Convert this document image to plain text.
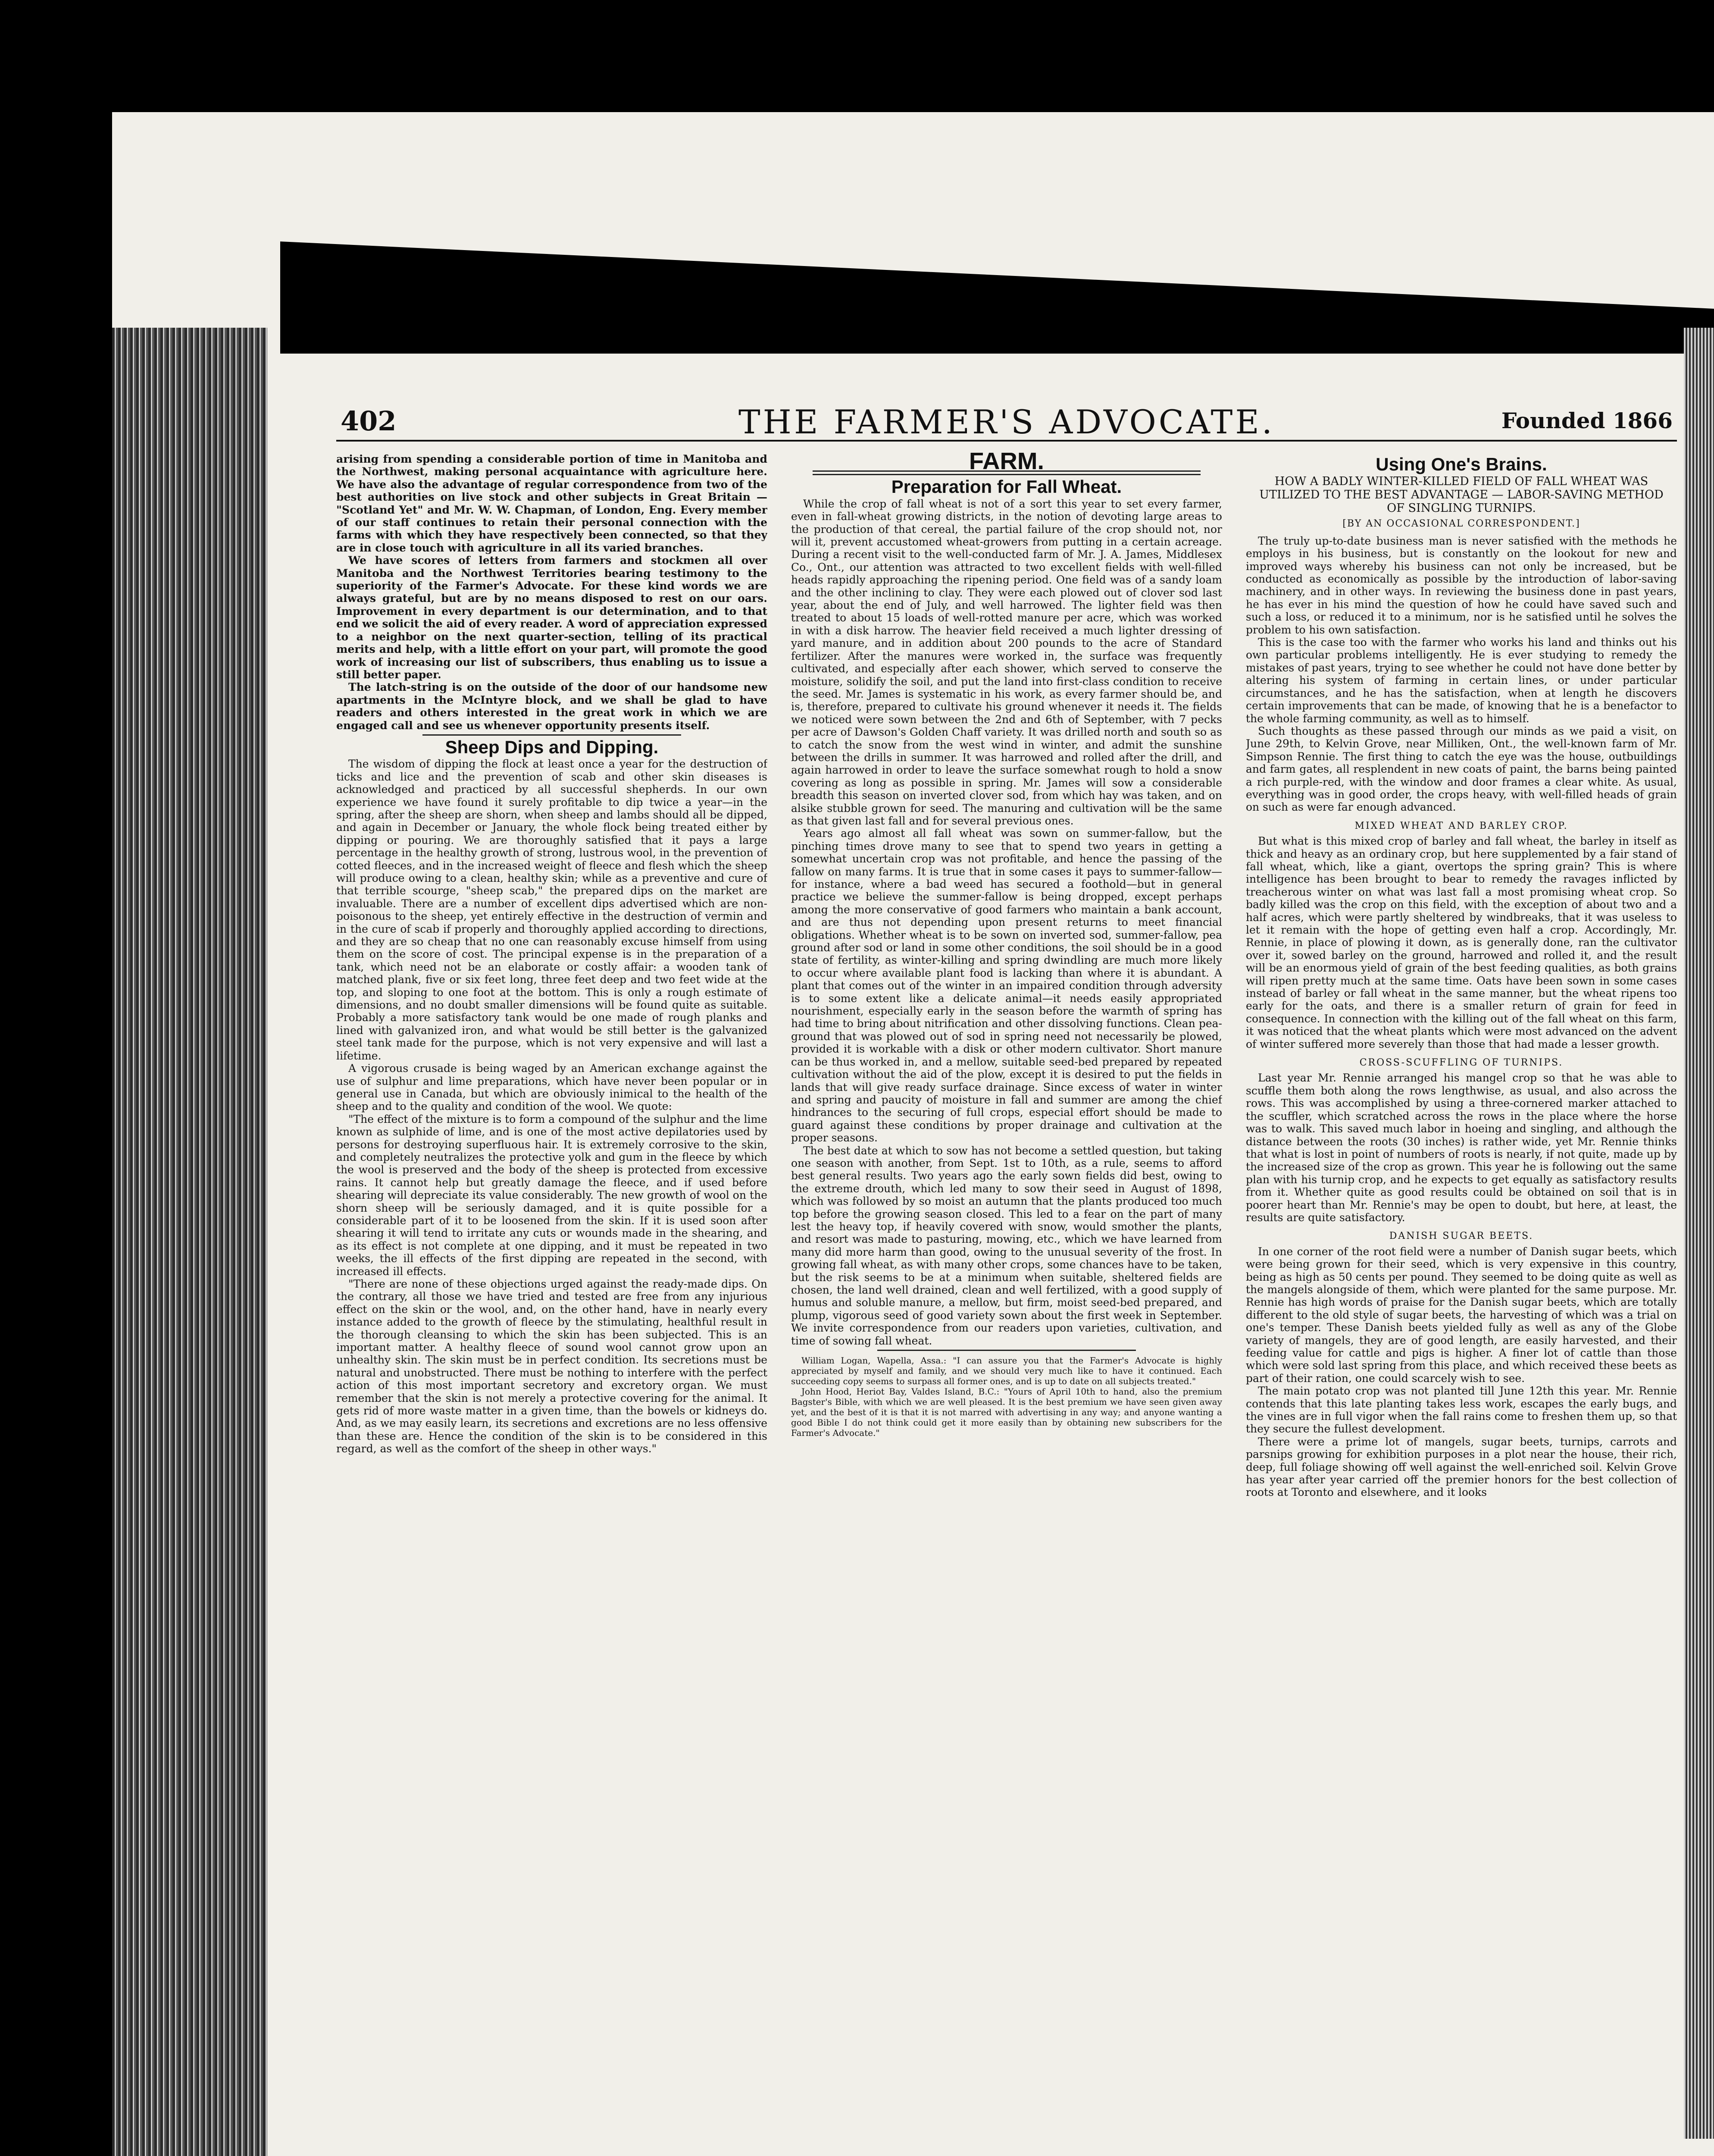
402	THE FARMER'S ADVOCATE.	Founded 1866

arising from spending a considerable portion of time in Manitoba and the Northwest, making personal acquaintance with agriculture here. We have also the advantage of regular correspondence from two of the best authorities on live stock and other subjects in Great Britain — "Scotland Yet" and Mr. W. W. Chapman, of London, Eng. Every member of our staff continues to retain their personal connection with the farms with which they have respectively been connected, so that they are in close touch with agriculture in all its varied branches.

We have scores of letters from farmers and stockmen all over Manitoba and the Northwest Territories bearing testimony to the superiority of the Farmer's Advocate. For these kind words we are always grateful, but are by no means disposed to rest on our oars. Improvement in every department is our determination, and to that end we solicit the aid of every reader. A word of appreciation expressed to a neighbor on the next quarter-section, telling of its practical merits and help, with a little effort on your part, will promote the good work of increasing our list of subscribers, thus enabling us to issue a still better paper.

The latch-string is on the outside of the door of our handsome new apartments in the McIntyre block, and we shall be glad to have readers and others interested in the great work in which we are engaged call and see us whenever opportunity presents itself.

Sheep Dips and Dipping.

The wisdom of dipping the flock at least once a year for the destruction of ticks and lice and the prevention of scab and other skin diseases is acknowledged and practiced by all successful shepherds. In our own experience we have found it surely profitable to dip twice a year—in the spring, after the sheep are shorn, when sheep and lambs should all be dipped, and again in December or January, the whole flock being treated either by dipping or pouring. We are thoroughly satisfied that it pays a large percentage in the healthy growth of strong, lustrous wool, in the prevention of cotted fleeces, and in the increased weight of fleece and flesh which the sheep will produce owing to a clean, healthy skin; while as a preventive and cure of that terrible scourge, "sheep scab," the prepared dips on the market are invaluable. There are a number of excellent dips advertised which are non-poisonous to the sheep, yet entirely effective in the destruction of vermin and in the cure of scab if properly and thoroughly applied according to directions, and they are so cheap that no one can reasonably excuse himself from using them on the score of cost. The principal expense is in the preparation of a tank, which need not be an elaborate or costly affair: a wooden tank of matched plank, five or six feet long, three feet deep and two feet wide at the top, and sloping to one foot at the bottom. This is only a rough estimate of dimensions, and no doubt smaller dimensions will be found quite as suitable. Probably a more satisfactory tank would be one made of rough planks and lined with galvanized iron, and what would be still better is the galvanized steel tank made for the purpose, which is not very expensive and will last a lifetime.

A vigorous crusade is being waged by an American exchange against the use of sulphur and lime preparations, which have never been popular or in general use in Canada, but which are obviously inimical to the health of the sheep and to the quality and condition of the wool. We quote:

"The effect of the mixture is to form a compound of the sulphur and the lime known as sulphide of lime, and is one of the most active depilatories used by persons for destroying superfluous hair. It is extremely corrosive to the skin, and completely neutralizes the protective yolk and gum in the fleece by which the wool is preserved and the body of the sheep is protected from excessive rains. It cannot help but greatly damage the fleece, and if used before shearing will depreciate its value considerably. The new growth of wool on the shorn sheep will be seriously damaged, and it is quite possible for a considerable part of it to be loosened from the skin. If it is used soon after shearing it will tend to irritate any cuts or wounds made in the shearing, and as its effect is not complete at one dipping, and it must be repeated in two weeks, the ill effects of the first dipping are repeated in the second, with increased ill effects.

"There are none of these objections urged against the ready-made dips. On the contrary, all those we have tried and tested are free from any injurious effect on the skin or the wool, and, on the other hand, have in nearly every instance added to the growth of fleece by the stimulating, healthful result in the thorough cleansing to which the skin has been subjected. This is an important matter. A healthy fleece of sound wool cannot grow upon an unhealthy skin. The skin must be in perfect condition. Its secretions must be natural and unobstructed. There must be nothing to interfere with the perfect action of this most important secretory and excretory organ. We must remember that the skin is not merely a protective covering for the animal. It gets rid of more waste matter in a given time, than the bowels or kidneys do. And, as we may easily learn, its secretions and excretions are no less offensive than these are. Hence the condition of the skin is to be considered in this regard, as well as the comfort of the sheep in other ways."

FARM.
Preparation for Fall Wheat.

While the crop of fall wheat is not of a sort this year to set every farmer, even in fall-wheat growing districts, in the notion of devoting large areas to the production of that cereal, the partial failure of the crop should not, nor will it, prevent accustomed wheat-growers from putting in a certain acreage. During a recent visit to the well-conducted farm of Mr. J. A. James, Middlesex Co., Ont., our attention was attracted to two excellent fields with well-filled heads rapidly approaching the ripening period. One field was of a sandy loam and the other inclining to clay. They were each plowed out of clover sod last year, about the end of July, and well harrowed. The lighter field was then treated to about 15 loads of well-rotted manure per acre, which was worked in with a disk harrow. The heavier field received a much lighter dressing of yard manure, and in addition about 200 pounds to the acre of Standard fertilizer. After the manures were worked in, the surface was frequently cultivated, and especially after each shower, which served to conserve the moisture, solidify the soil, and put the land into first-class condition to receive the seed. Mr. James is systematic in his work, as every farmer should be, and is, therefore, prepared to cultivate his ground whenever it needs it. The fields we noticed were sown between the 2nd and 6th of September, with 7 pecks per acre of Dawson's Golden Chaff variety. It was drilled north and south so as to catch the snow from the west wind in winter, and admit the sunshine between the drills in summer. It was harrowed and rolled after the drill, and again harrowed in order to leave the surface somewhat rough to hold a snow covering as long as possible in spring. Mr. James will sow a considerable breadth this season on inverted clover sod, from which hay was taken, and on alsike stubble grown for seed. The manuring and cultivation will be the same as that given last fall and for several previous ones.

Years ago almost all fall wheat was sown on summer-fallow, but the pinching times drove many to see that to spend two years in getting a somewhat uncertain crop was not profitable, and hence the passing of the fallow on many farms. It is true that in some cases it pays to summer-fallow—for instance, where a bad weed has secured a foothold—but in general practice we believe the summer-fallow is being dropped, except perhaps among the more conservative of good farmers who maintain a bank account, and are thus not depending upon present returns to meet financial obligations. Whether wheat is to be sown on inverted sod, summer-fallow, pea ground after sod or land in some other conditions, the soil should be in a good state of fertility, as winter-killing and spring dwindling are much more likely to occur where available plant food is lacking than where it is abundant. A plant that comes out of the winter in an impaired condition through adversity is to some extent like a delicate animal—it needs easily appropriated nourishment, especially early in the season before the warmth of spring has had time to bring about nitrification and other dissolving functions. Clean pea-ground that was plowed out of sod in spring need not necessarily be plowed, provided it is workable with a disk or other modern cultivator. Short manure can be thus worked in, and a mellow, suitable seed-bed prepared by repeated cultivation without the aid of the plow, except it is desired to put the fields in lands that will give ready surface drainage. Since excess of water in winter and spring and paucity of moisture in fall and summer are among the chief hindrances to the securing of full crops, especial effort should be made to guard against these conditions by proper drainage and cultivation at the proper seasons.

The best date at which to sow has not become a settled question, but taking one season with another, from Sept. 1st to 10th, as a rule, seems to afford best general results. Two years ago the early sown fields did best, owing to the extreme drouth, which led many to sow their seed in August of 1898, which was followed by so moist an autumn that the plants produced too much top before the growing season closed. This led to a fear on the part of many lest the heavy top, if heavily covered with snow, would smother the plants, and resort was made to pasturing, mowing, etc., which we have learned from many did more harm than good, owing to the unusual severity of the frost. In growing fall wheat, as with many other crops, some chances have to be taken, but the risk seems to be at a minimum when suitable, sheltered fields are chosen, the land well drained, clean and well fertilized, with a good supply of humus and soluble manure, a mellow, but firm, moist seed-bed prepared, and plump, vigorous seed of good variety sown about the first week in September. We invite correspondence from our readers upon varieties, cultivation, and time of sowing fall wheat.

William Logan, Wapella, Assa.: "I can assure you that the Farmer's Advocate is highly appreciated by myself and family, and we should very much like to have it continued. Each succeeding copy seems to surpass all former ones, and is up to date on all subjects treated."

John Hood, Heriot Bay, Valdes Island, B.C.: "Yours of April 10th to hand, also the premium Bagster's Bible, with which we are well pleased. It is the best premium we have seen given away yet, and the best of it is that it is not marred with advertising in any way; and anyone wanting a good Bible I do not think could get it more easily than by obtaining new subscribers for the Farmer's Advocate."

Using One's Brains.
HOW A BADLY WINTER-KILLED FIELD OF FALL WHEAT WAS UTILIZED TO THE BEST ADVANTAGE — LABOR-SAVING METHOD OF SINGLING TURNIPS.
[BY AN OCCASIONAL CORRESPONDENT.]

The truly up-to-date business man is never satisfied with the methods he employs in his business, but is constantly on the lookout for new and improved ways whereby his business can not only be increased, but be conducted as economically as possible by the introduction of labor-saving machinery, and in other ways. In reviewing the business done in past years, he has ever in his mind the question of how he could have saved such and such a loss, or reduced it to a minimum, nor is he satisfied until he solves the problem to his own satisfaction.

This is the case too with the farmer who works his land and thinks out his own particular problems intelligently. He is ever studying to remedy the mistakes of past years, trying to see whether he could not have done better by altering his system of farming in certain lines, or under particular circumstances, and he has the satisfaction, when at length he discovers certain improvements that can be made, of knowing that he is a benefactor to the whole farming community, as well as to himself.

Such thoughts as these passed through our minds as we paid a visit, on June 29th, to Kelvin Grove, near Milliken, Ont., the well-known farm of Mr. Simpson Rennie. The first thing to catch the eye was the house, outbuildings and farm gates, all resplendent in new coats of paint, the barns being painted a rich purple-red, with the window and door frames a clear white. As usual, everything was in good order, the crops heavy, with well-filled heads of grain on such as were far enough advanced.

MIXED WHEAT AND BARLEY CROP.

But what is this mixed crop of barley and fall wheat, the barley in itself as thick and heavy as an ordinary crop, but here supplemented by a fair stand of fall wheat, which, like a giant, overtops the spring grain? This is where intelligence has been brought to bear to remedy the ravages inflicted by treacherous winter on what was last fall a most promising wheat crop. So badly killed was the crop on this field, with the exception of about two and a half acres, which were partly sheltered by windbreaks, that it was useless to let it remain with the hope of getting even half a crop. Accordingly, Mr. Rennie, in place of plowing it down, as is generally done, ran the cultivator over it, sowed barley on the ground, harrowed and rolled it, and the result will be an enormous yield of grain of the best feeding qualities, as both grains will ripen pretty much at the same time. Oats have been sown in some cases instead of barley or fall wheat in the same manner, but the wheat ripens too early for the oats, and there is a smaller return of grain for feed in consequence. In connection with the killing out of the fall wheat on this farm, it was noticed that the wheat plants which were most advanced on the advent of winter suffered more severely than those that had made a lesser growth.

CROSS-SCUFFLING OF TURNIPS.

Last year Mr. Rennie arranged his mangel crop so that he was able to scuffle them both along the rows lengthwise, as usual, and also across the rows. This was accomplished by using a three-cornered marker attached to the scuffler, which scratched across the rows in the place where the horse was to walk. This saved much labor in hoeing and singling, and although the distance between the roots (30 inches) is rather wide, yet Mr. Rennie thinks that what is lost in point of numbers of roots is nearly, if not quite, made up by the increased size of the crop as grown. This year he is following out the same plan with his turnip crop, and he expects to get equally as satisfactory results from it. Whether quite as good results could be obtained on soil that is in poorer heart than Mr. Rennie's may be open to doubt, but here, at least, the results are quite satisfactory.

DANISH SUGAR BEETS.

In one corner of the root field were a number of Danish sugar beets, which were being grown for their seed, which is very expensive in this country, being as high as 50 cents per pound. They seemed to be doing quite as well as the mangels alongside of them, which were planted for the same purpose. Mr. Rennie has high words of praise for the Danish sugar beets, which are totally different to the old style of sugar beets, the harvesting of which was a trial on one's temper. These Danish beets yielded fully as well as any of the Globe variety of mangels, they are of good length, are easily harvested, and their feeding value for cattle and pigs is higher. A finer lot of cattle than those which were sold last spring from this place, and which received these beets as part of their ration, one could scarcely wish to see.

The main potato crop was not planted till June 12th this year. Mr. Rennie contends that this late planting takes less work, escapes the early bugs, and the vines are in full vigor when the fall rains come to freshen them up, so that they secure the fullest development.

There were a prime lot of mangels, sugar beets, turnips, carrots and parsnips growing for exhibition purposes in a plot near the house, their rich, deep, full foliage showing off well against the well-enriched soil. Kelvin Grove has year after year carried off the premier honors for the best collection of roots at Toronto and elsewhere, and it looks
